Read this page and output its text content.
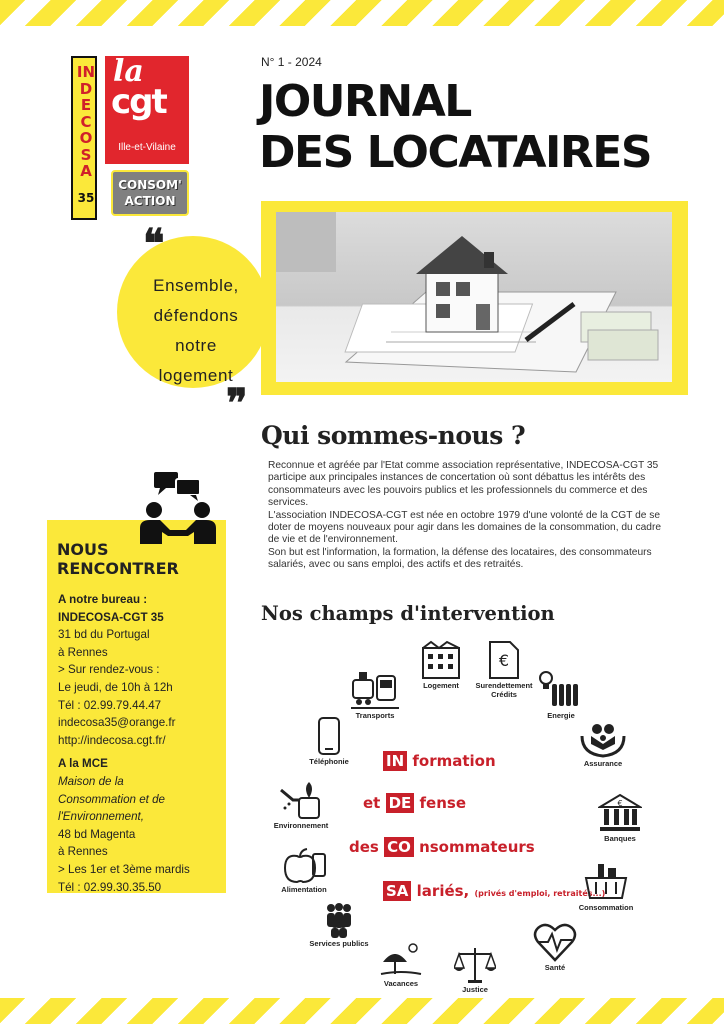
INDECOSA
35
la
cgt
Ille-et-Vilaine
CONSOM'
ACTION
N° 1 - 2024
JOURNAL
DES LOCATAIRES
❝
Ensemble,
défendons
notre
logement
❞
Qui sommes-nous ?

Reconnue et agréée par l'Etat comme association représentative, INDECOSA-CGT 35 participe aux principales instances de concertation où sont débattus les intérêts des consommateurs avec les pouvoirs publics et les professionnels du commerce et des services.

L'association INDECOSA-CGT est née en octobre 1979 d'une volonté de la CGT de se doter de moyens nouveaux pour agir dans les domaines de la consommation, du cadre de vie et de l'environnement.

Son but est l'information, la formation, la défense des locataires, des consommateurs salariés, avec ou sans emploi, des actifs et des retraités.

NOUS
RENCONTRER
A notre bureau :
INDECOSA-CGT 35
31 bd du Portugal
à Rennes
> Sur rendez-vous :
Le jeudi, de 10h à 12h
Tél : 02.99.79.44.47
indecosa35@orange.fr
http://indecosa.cgt.fr/
A la MCE
Maison de la
Consommation et de
l'Environnement,
48 bd Magenta
à Rennes
> Les 1er et 3ème mardis
Tél : 02.99.30.35.50
Nos champs d'intervention
IN formation
et DE fense
des CO nsommateurs
SA lariés, (privés d'emploi, retraités...)
Logement
€
Surendettement
Crédits
Transports	Energie
Téléphonie	Assurance
Environnement
€
Banques
Alimentation
Consommation
Services publics
Santé
Vacances
Justice
